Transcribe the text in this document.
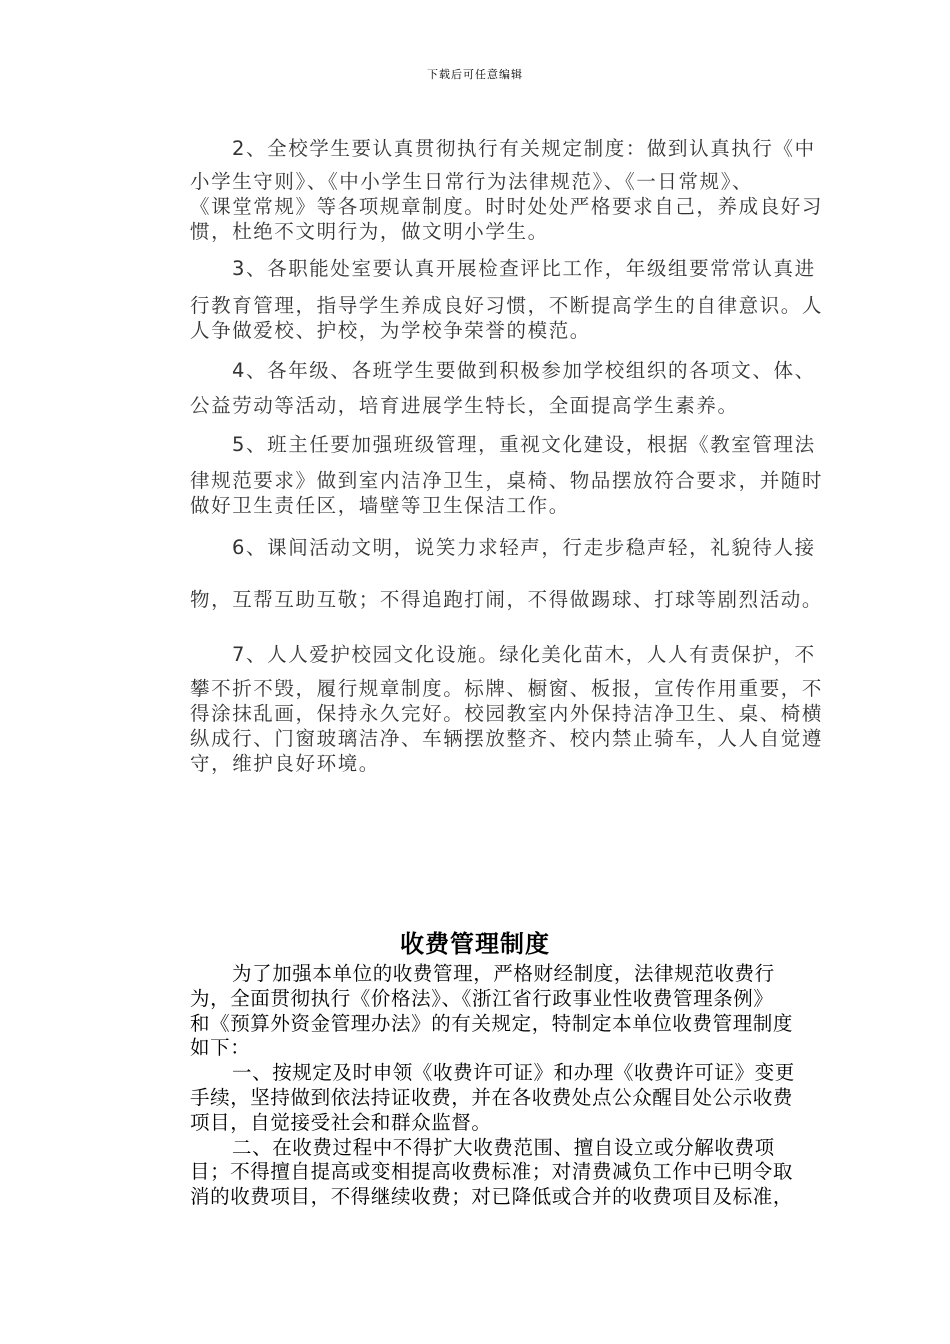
下载后可任意编辑

2、全校学生要认真贯彻执行有关规定制度：做到认真执行《中
小学生守则》、《中小学生日常行为法律规范》、《一日常规》、
《课堂常规》等各项规章制度。时时处处严格要求自己，养成良好习
惯，杜绝不文明行为，做文明小学生。

3、各职能处室要认真开展检查评比工作，年级组要常常认真进
行教育管理，指导学生养成良好习惯，不断提高学生的自律意识。人
人争做爱校、护校，为学校争荣誉的模范。

4、各年级、各班学生要做到积极参加学校组织的各项文、体、
公益劳动等活动，培育进展学生特长，全面提高学生素养。

5、班主任要加强班级管理，重视文化建设，根据《教室管理法
律规范要求》做到室内洁净卫生，桌椅、物品摆放符合要求，并随时
做好卫生责任区，墙壁等卫生保洁工作。

6、课间活动文明，说笑力求轻声，行走步稳声轻，礼貌待人接
物，互帮互助互敬；不得追跑打闹，不得做踢球、打球等剧烈活动。

7、人人爱护校园文化设施。绿化美化苗木，人人有责保护，不
攀不折不毁，履行规章制度。标牌、橱窗、板报，宣传作用重要，不
得涂抹乱画，保持永久完好。校园教室内外保持洁净卫生、桌、椅横
纵成行、门窗玻璃洁净、车辆摆放整齐、校内禁止骑车，人人自觉遵
守，维护良好环境。

收费管理制度
为了加强本单位的收费管理，严格财经制度，法律规范收费行
为，全面贯彻执行《价格法》、《浙江省行政事业性收费管理条例》
和《预算外资金管理办法》的有关规定，特制定本单位收费管理制度
如下：
一、按规定及时申领《收费许可证》和办理《收费许可证》变更
手续，坚持做到依法持证收费，并在各收费处点公众醒目处公示收费
项目，自觉接受社会和群众监督。
二、在收费过程中不得扩大收费范围、擅自设立或分解收费项
目；不得擅自提高或变相提高收费标准；对清费减负工作中已明令取
消的收费项目，不得继续收费；对已降低或合并的收费项目及标准，
